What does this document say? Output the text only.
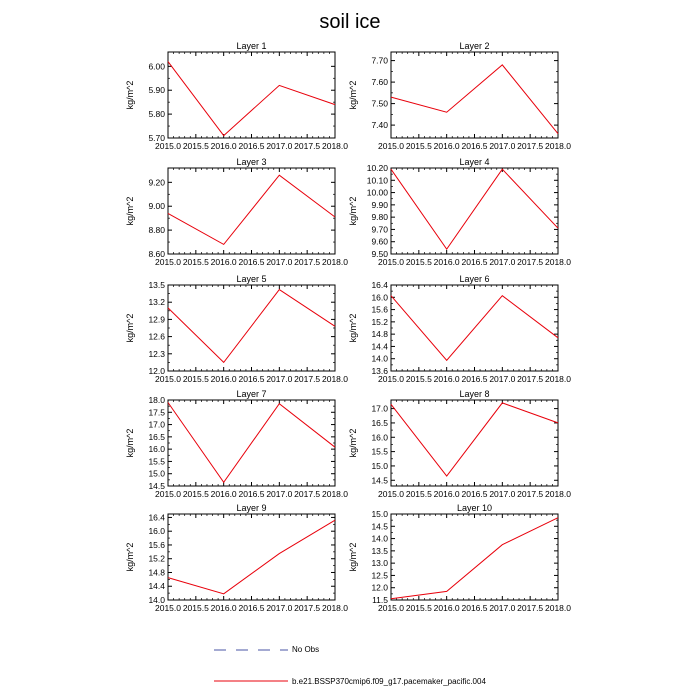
soil ice
Layer 1
kg/m^2
2015.0 2015.5 2016.0 2016.5 2017.0 2017.5 2018.0
5.70
5.80
5.90
6.00
Layer 2
kg/m^2
2015.0 2015.5 2016.0 2016.5 2017.0 2017.5 2018.0
7.40
7.50
7.60
7.70
Layer 3
kg/m^2
2015.0 2015.5 2016.0 2016.5 2017.0 2017.5 2018.0
8.60
8.80
9.00
9.20
Layer 4
kg/m^2
2015.0 2015.5 2016.0 2016.5 2017.0 2017.5 2018.0
9.50
9.60
9.70
9.80
9.90
10.00
10.10
10.20
Layer 5
kg/m^2
2015.0 2015.5 2016.0 2016.5 2017.0 2017.5 2018.0
12.0
12.3
12.6
12.9
13.2
13.5
Layer 6
kg/m^2
2015.0 2015.5 2016.0 2016.5 2017.0 2017.5 2018.0
13.6
14.0
14.4
14.8
15.2
15.6
16.0
16.4
Layer 7
kg/m^2
2015.0 2015.5 2016.0 2016.5 2017.0 2017.5 2018.0
14.5
15.0
15.5
16.0
16.5
17.0
17.5
18.0
Layer 8
kg/m^2
2015.0 2015.5 2016.0 2016.5 2017.0 2017.5 2018.0
14.5
15.0
15.5
16.0
16.5
17.0
Layer 9
kg/m^2
2015.0 2015.5 2016.0 2016.5 2017.0 2017.5 2018.0
14.0
14.4
14.8
15.2
15.6
16.0
16.4
Layer 10
kg/m^2
2015.0 2015.5 2016.0 2016.5 2017.0 2017.5 2018.0
11.5
12.0
12.5
13.0
13.5
14.0
14.5
15.0
No Obs
b.e21.BSSP370cmip6.f09_g17.pacemaker_pacific.004
